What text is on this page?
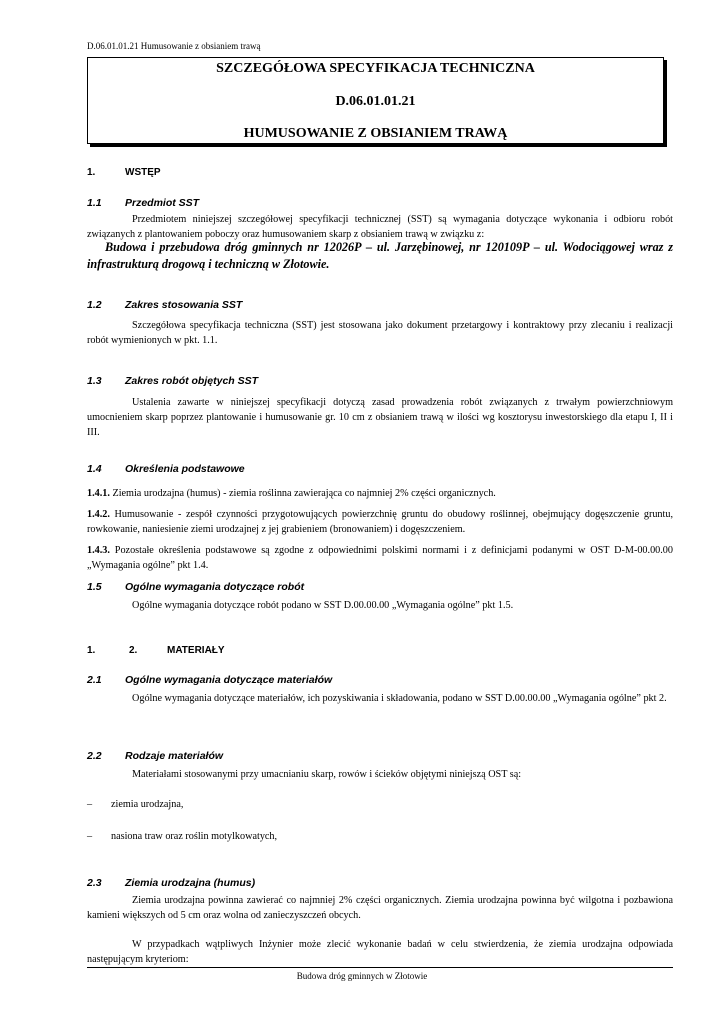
D.06.01.01.21 Humusowanie z obsianiem trawą
SZCZEGÓŁOWA SPECYFIKACJA TECHNICZNA
D.06.01.01.21
HUMUSOWANIE Z OBSIANIEM TRAWĄ
1.	WSTĘP
1.1 Przedmiot SST
Przedmiotem niniejszej szczegółowej specyfikacji technicznej (SST) są wymagania dotyczące wykonania i odbioru robót związanych z plantowaniem poboczy oraz humusowaniem skarp z obsianiem trawą w związku z:
Budowa i przebudowa dróg gminnych nr 12026P – ul. Jarzębinowej, nr 120109P – ul. Wodociągowej wraz z infrastrukturą drogową i techniczną w Złotowie.
1.2 Zakres stosowania SST
Szczegółowa specyfikacja techniczna (SST) jest stosowana jako dokument przetargowy i kontraktowy przy zlecaniu i realizacji robót wymienionych w pkt. 1.1.
1.3 Zakres robót objętych SST
Ustalenia zawarte w niniejszej specyfikacji dotyczą zasad prowadzenia robót związanych z trwałym powierzchniowym umocnieniem skarp poprzez plantowanie i humusowanie gr. 10 cm z obsianiem trawą w ilości wg kosztorysu inwestorskiego dla etapu I, II i III.
1.4 Określenia podstawowe
1.4.1. Ziemia urodzajna (humus) - ziemia roślinna zawierająca co najmniej 2% części organicznych.
1.4.2. Humusowanie - zespół czynności przygotowujących powierzchnię gruntu do obudowy roślinnej, obejmujący dogęszczenie gruntu, rowkowanie, naniesienie ziemi urodzajnej z jej grabieniem (bronowaniem) i dogęszczeniem.
1.4.3. Pozostałe określenia podstawowe są zgodne z odpowiednimi polskimi normami i z definicjami podanymi w OST D-M-00.00.00 „Wymagania ogólne” pkt 1.4.
1.5 Ogólne wymagania dotyczące robót
Ogólne wymagania dotyczące robót podano w SST D.00.00.00 „Wymagania ogólne” pkt 1.5.
1.	2.	MATERIAŁY
2.1 Ogólne wymagania dotyczące materiałów
Ogólne wymagania dotyczące materiałów, ich pozyskiwania i składowania, podano w SST D.00.00.00 „Wymagania ogólne” pkt 2.
2.2 Rodzaje materiałów
Materiałami stosowanymi przy umacnianiu skarp, rowów i ścieków objętymi niniejszą OST są:
– ziemia urodzajna,
– nasiona traw oraz roślin motylkowatych,
2.3 Ziemia urodzajna (humus)
Ziemia urodzajna powinna zawierać co najmniej 2% części organicznych. Ziemia urodzajna powinna być wilgotna i pozbawiona kamieni większych od 5 cm oraz wolna od zanieczyszczeń obcych.
W przypadkach wątpliwych Inżynier może zlecić wykonanie badań w celu stwierdzenia, że ziemia urodzajna odpowiada następującym kryteriom:
Budowa dróg gminnych w Złotowie
